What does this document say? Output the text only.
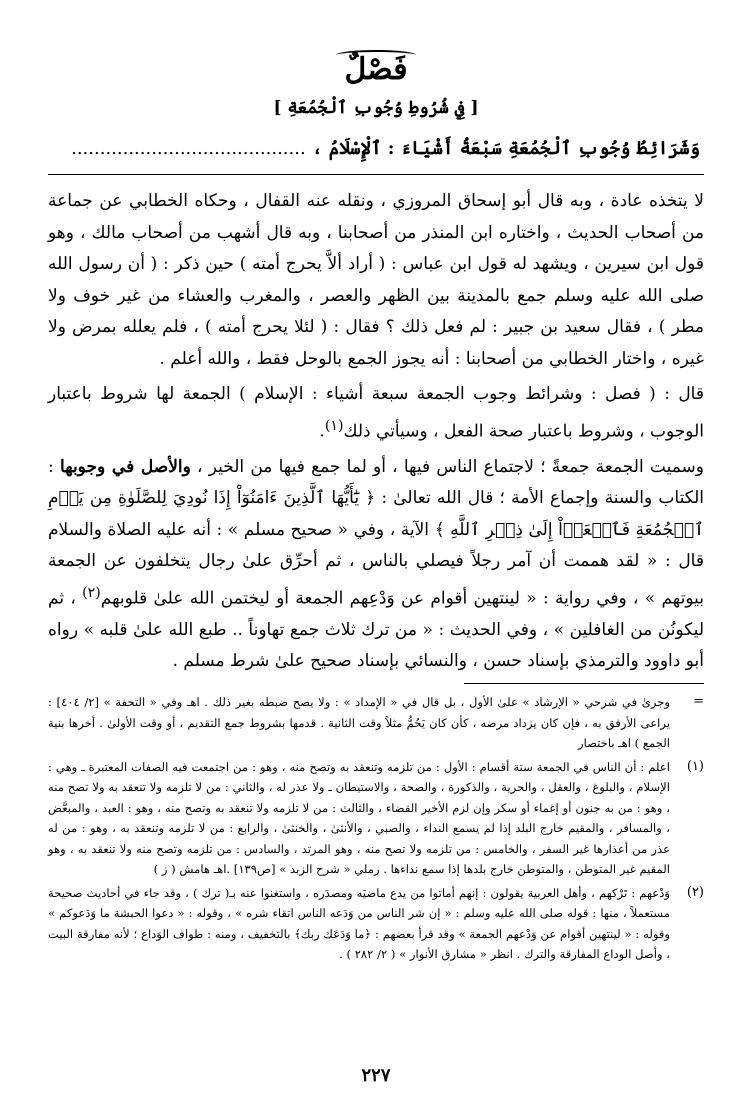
فَصْلٌ
[ فِي شُرُوطِ وُجُوبِ ٱلْجُمُعَةِ ]
وَشَرَائِطُ وُجُوبِ ٱلْجُمُعَةِ سَبْعَةُ أَشْيَاءَ : ٱلْإِسْلَامُ ، .........................................

لا يتخذه عادة ، وبه قال أبو إسحاق المروزي ، ونقله عنه القفال ، وحكاه الخطابي عن جماعة من أصحاب الحديث ، واختاره ابن المنذر من أصحابنا ، وبه قال أشهب من أصحاب مالك ، وهو قول ابن سيرين ، ويشهد له قول ابن عباس : ( أراد ألاَّ يحرج أمته ) حين ذكر : ( أن رسول الله صلى الله عليه وسلم جمع بالمدينة بين الظهر والعصر ، والمغرب والعشاء من غير خوف ولا مطر ) ، فقال سعيد بن جبير : لم فعل ذلك ؟ فقال : ( لئلا يحرج أمته ) ، فلم يعلله بمرض ولا غيره ، واختار الخطابي من أصحابنا : أنه يجوز الجمع بالوحل فقط ، والله أعلم .

قال : ( فصل : وشرائط وجوب الجمعة سبعة أشياء : الإسلام ) الجمعة لها شروط باعتبار الوجوب ، وشروط باعتبار صحة الفعل ، وسيأتي ذلك$^{(١)}$.

وسميت الجمعة جمعةً ؛ لاجتماع الناس فيها ، أو لما جمع فيها من الخير ، والأصل في وجوبها : الكتاب والسنة وإجماع الأمة ؛ قال الله تعالىٰ : ﴿ يَٰٓأَيُّهَا ٱلَّذِينَ ءَامَنُوٓاْ إِذَا نُودِيَ لِلصَّلَوٰةِ مِن يَوۡمِ ٱلۡجُمُعَةِ فَٱسۡعَوۡاْ إِلَىٰ ذِكۡرِ ٱللَّهِ ﴾ الآية ، وفي « صحيح مسلم » : أنه عليه الصلاة والسلام قال : « لقد هممت أن آمر رجلاً فيصلي بالناس ، ثم أحرِّق علىٰ رجال يتخلفون عن الجمعة بيوتهم » ، وفي رواية : « لينتهين أقوام عن وَدْعِهم الجمعة أو ليختمن الله علىٰ قلوبهم$^{(٢)}$ ، ثم ليكونُن من الغافلين » ، وفي الحديث : « من ترك ثلاث جمع تهاوناً .. طبع الله علىٰ قلبه » رواه أبو داوود والترمذي بإسناد حسن ، والنسائي بإسناد صحيح علىٰ شرط مسلم .

=
وجرىٰ في شرحي « الإرشاد » علىٰ الأول ، بل قال في « الإمداد » : ولا يصح ضبطه بغير ذلك . اهـ وفي « التحفة » [٢/ ٤٠٤] : يراعى الأرفق به ، فإن كان يزداد مرضه ، كأن كان يَحُمُّ مثلاً وقت الثانية . قدمها بشروط جمع التقديم ، أو وقت الأولىٰ . أخرها بنية الجمع ) اهـ باختصار
(١)
اعلم : أن الناس في الجمعة ستة أقسام : الأول : من تلزمه وتنعقد به وتصح منه ، وهو : من اجتمعت فيه الصفات المعتبرة ـ وهي : الإسلام ، والبلوغ ، والعقل ، والحرية ، والذكورة ، والصحة ، والاستيطان ـ ولا عذر له ، والثاني : من لا تلزمه ولا تنعقد به ولا تصح منه ، وهو : من به جنون أو إغماء أو سكر وإن لزم الأخير القضاء ، والثالث : من لا تلزمه ولا تنعقد به وتصح منه ، وهو : العبد ، والمبعَّض ، والمسافر ، والمقيم خارج البلد إذا لم يسمع النداء ، والصبي ، والأنثىٰ ، والخنثىٰ ، والرابع : من لا تلزمه وتنعقد به ، وهو : من له عذر من أعذارها غير السفر ، والخامس : من تلزمه ولا تصح منه ، وهو المرتد ، والسادس : من تلزمه وتصح منه ولا تنعقد به ، وهو المقيم غير المتوطن ، والمتوطن خارج بلدها إذا سمع نداءها . رملي « شرح الزبد » [ص١٣٩] .اهـ هامش ( ز )
(٢)
وَدْعهم : تَرْكهم ، وأهل العربية يقولون : إنهم أماتوا من يدع ماضيَه ومصدَره ، واستغنوا عنه بـ( ترك ) ، وقد جاء في أحاديث صحيحة مستعملاً ، منها : قوله صلى الله عليه وسلم : « إن شر الناس من وَدَعه الناس اتقاء شره » ، وقوله : « دعوا الحبشة ما وَدَعوكم » وقوله : « لينتهين أقوام عن وَدْعهم الجمعة » وقد قرأ بعضهم : ﴿ما وَدَعَك ربك﴾ بالتخفيف ، ومنه : طواف الوَداع ؛ لأنه مفارقة البيت ، وأصل الوداع المفارقة والترك . انظر « مشارق الأنوار » ( ٢/ ٢٨٢ ) .
٢٢٧
